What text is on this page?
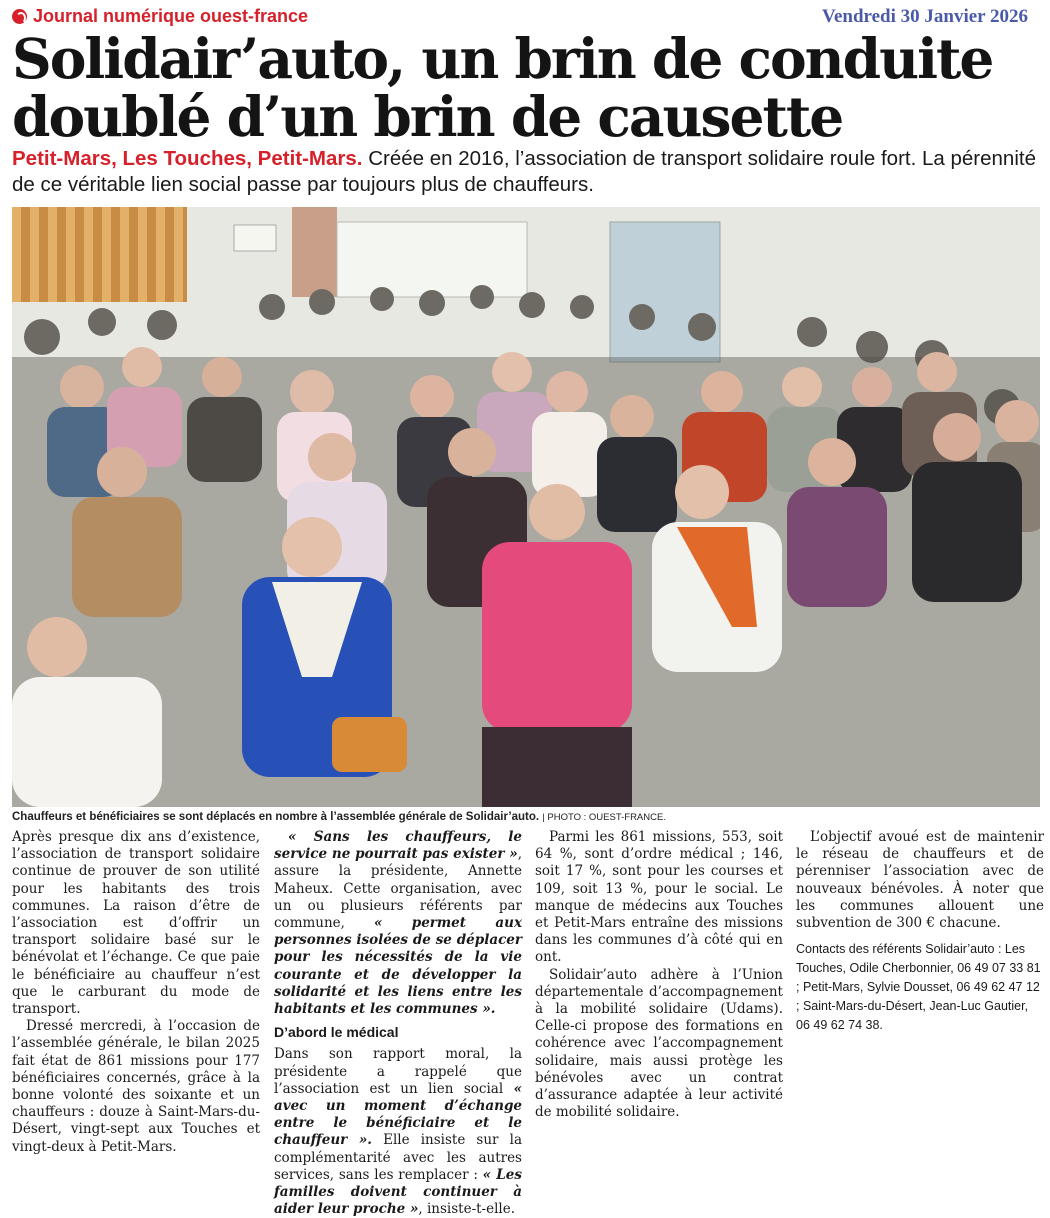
Journal numérique ouest-france	Vendredi 30 Janvier 2026
Solidair’auto, un brin de conduite doublé d’un brin de causette

Petit-Mars, Les Touches, Petit-Mars. Créée en 2016, l’association de transport solidaire roule fort. La pérennité de ce véritable lien social passe par toujours plus de chauffeurs.

Chauffeurs et bénéficiaires se sont déplacés en nombre à l’assemblée générale de Solidair’auto. | PHOTO : OUEST-FRANCE.

Après presque dix ans d’existence, l’association de transport solidaire continue de prouver de son utilité pour les habitants des trois communes. La raison d’être de l’association est d’offrir un transport solidaire basé sur le bénévolat et l’échange. Ce que paie le bénéficiaire au chauffeur n’est que le carburant du mode de transport.

Dressé mercredi, à l’occasion de l’assemblée générale, le bilan 2025 fait état de 861 missions pour 177 bénéficiaires concernés, grâce à la bonne volonté des soixante et un chauffeurs : douze à Saint-Mars-du-Désert, vingt-sept aux Touches et vingt-deux à Petit-Mars.

« Sans les chauffeurs, le service ne pourrait pas exister », assure la présidente, Annette Maheux. Cette organisation, avec un ou plusieurs référents par commune, « permet aux personnes isolées de se déplacer pour les nécessités de la vie courante et de développer la solidarité et les liens entre les habitants et les communes ».

D’abord le médical

Dans son rapport moral, la présidente a rappelé que l’association est un lien social « avec un moment d’échange entre le bénéficiaire et le chauffeur ». Elle insiste sur la complémentarité avec les autres services, sans les remplacer : « Les familles doivent continuer à aider leur proche », insiste-t-elle.

Parmi les 861 missions, 553, soit 64 %, sont d’ordre médical ; 146, soit 17 %, sont pour les courses et 109, soit 13 %, pour le social. Le manque de médecins aux Touches et Petit-Mars entraîne des missions dans les communes d’à côté qui en ont.

Solidair’auto adhère à l’Union départementale d’accompagnement à la mobilité solidaire (Udams). Celle-ci propose des formations en cohérence avec l’accompagnement solidaire, mais aussi protège les bénévoles avec un contrat d’assurance adaptée à leur activité de mobilité solidaire.

L’objectif avoué est de maintenir le réseau de chauffeurs et de pérenniser l’association avec de nouveaux bénévoles. À noter que les communes allouent une subvention de 300 € chacune.

Contacts des référents Solidair’auto : Les Touches, Odile Cherbonnier, 06 49 07 33 81 ; Petit-Mars, Sylvie Dousset, 06 49 62 47 12 ; Saint-Mars-du-Désert, Jean-Luc Gautier, 06 49 62 74 38.
